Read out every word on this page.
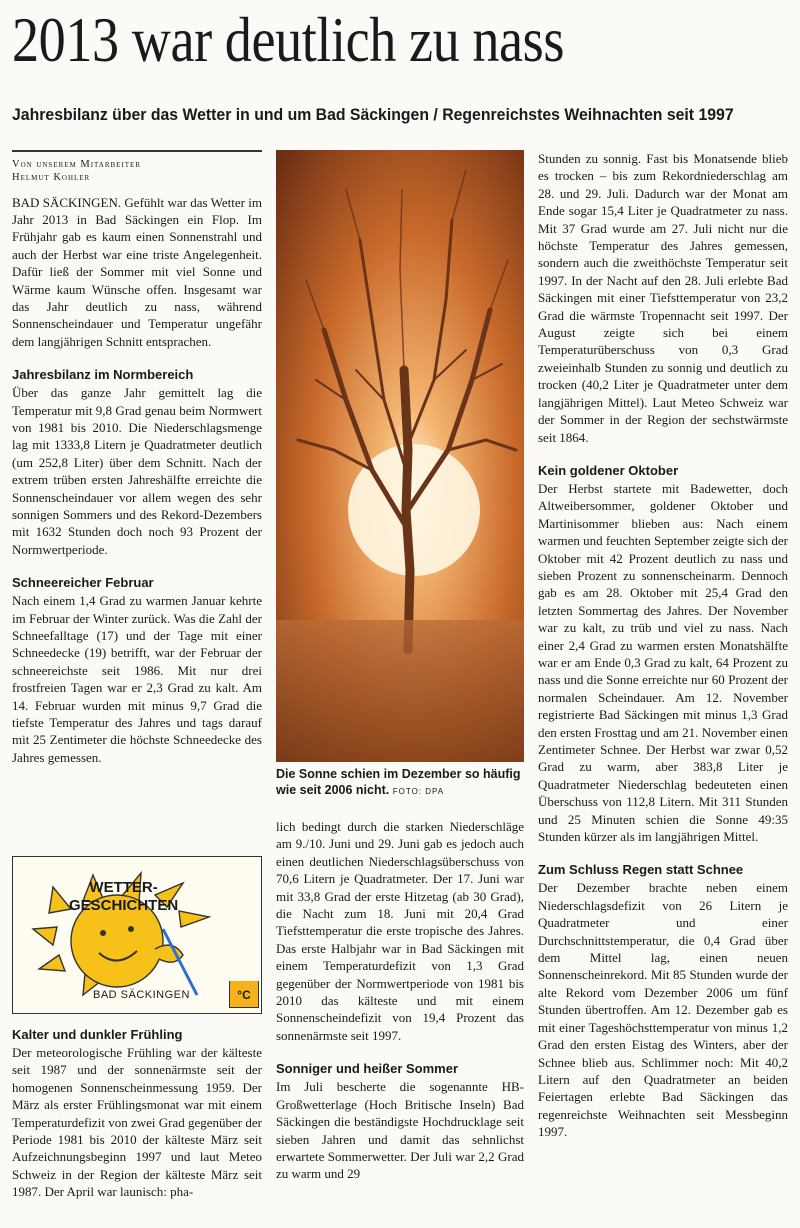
2013 war deutlich zu nass
Jahresbilanz über das Wetter in und um Bad Säckingen / Regenreichstes Weihnachten seit 1997
Von unserem Mitarbeiter
Helmut Kohler

BAD SÄCKINGEN. Gefühlt war das Wetter im Jahr 2013 in Bad Säckingen ein Flop. Im Frühjahr gab es kaum einen Sonnenstrahl und auch der Herbst war eine triste Angelegenheit. Dafür ließ der Sommer mit viel Sonne und Wärme kaum Wünsche offen. Insgesamt war das Jahr deutlich zu nass, während Sonnenscheindauer und Temperatur ungefähr dem langjährigen Schnitt entsprachen.

Jahresbilanz im Normbereich

Über das ganze Jahr gemittelt lag die Temperatur mit 9,8 Grad genau beim Normwert von 1981 bis 2010. Die Niederschlagsmenge lag mit 1333,8 Litern je Quadratmeter deutlich (um 252,8 Liter) über dem Schnitt. Nach der extrem trüben ersten Jahreshälfte erreichte die Sonnenscheindauer vor allem wegen des sehr sonnigen Sommers und des Rekord-Dezembers mit 1632 Stunden doch noch 93 Prozent der Normwertperiode.

Schneereicher Februar

Nach einem 1,4 Grad zu warmen Januar kehrte im Februar der Winter zurück. Was die Zahl der Schneefalltage (17) und der Tage mit einer Schneedecke (19) betrifft, war der Februar der schneereichste seit 1986. Mit nur drei frostfreien Tagen war er 2,3 Grad zu kalt. Am 14. Februar wurden mit minus 9,7 Grad die tiefste Temperatur des Jahres und tags darauf mit 25 Zentimeter die höchste Schneedecke des Jahres gemessen.

WETTER-
GESCHICHTEN
BAD SÄCKINGEN	°C
Kalter und dunkler Frühling

Der meteorologische Frühling war der kälteste seit 1987 und der sonnenärmste seit der homogenen Sonnenscheinmessung 1959. Der März als erster Frühlingsmonat war mit einem Temperaturdefizit von zwei Grad gegenüber der Periode 1981 bis 2010 der kälteste März seit Aufzeichnungsbeginn 1997 und laut Meteo Schweiz in der Region der kälteste März seit 1987. Der April war launisch: pha-

Die Sonne schien im Dezember so häufig wie seit 2006 nicht. FOTO: DPA

lich bedingt durch die starken Niederschläge am 9./10. Juni und 29. Juni gab es jedoch auch einen deutlichen Niederschlagsüberschuss von 70,6 Litern je Quadratmeter. Der 17. Juni war mit 33,8 Grad der erste Hitzetag (ab 30 Grad), die Nacht zum 18. Juni mit 20,4 Grad Tiefsttemperatur die erste tropische des Jahres. Das erste Halbjahr war in Bad Säckingen mit einem Temperaturdefizit von 1,3 Grad gegenüber der Normwertperiode von 1981 bis 2010 das kälteste und mit einem Sonnenscheindefizit von 19,4 Prozent das sonnenärmste seit 1997.

Sonniger und heißer Sommer

Im Juli bescherte die sogenannte HB-Großwetterlage (Hoch Britische Inseln) Bad Säckingen die beständigste Hochdrucklage seit sieben Jahren und damit das sehnlichst erwartete Sommerwetter. Der Juli war 2,2 Grad zu warm und 29

Stunden zu sonnig. Fast bis Monatsende blieb es trocken – bis zum Rekordniederschlag am 28. und 29. Juli. Dadurch war der Monat am Ende sogar 15,4 Liter je Quadratmeter zu nass. Mit 37 Grad wurde am 27. Juli nicht nur die höchste Temperatur des Jahres gemessen, sondern auch die zweithöchste Temperatur seit 1997. In der Nacht auf den 28. Juli erlebte Bad Säckingen mit einer Tiefsttemperatur von 23,2 Grad die wärmste Tropennacht seit 1997. Der August zeigte sich bei einem Temperaturüberschuss von 0,3 Grad zweieinhalb Stunden zu sonnig und deutlich zu trocken (40,2 Liter je Quadratmeter unter dem langjährigen Mittel). Laut Meteo Schweiz war der Sommer in der Region der sechstwärmste seit 1864.

Kein goldener Oktober

Der Herbst startete mit Badewetter, doch Altweibersommer, goldener Oktober und Martinisommer blieben aus: Nach einem warmen und feuchten September zeigte sich der Oktober mit 42 Prozent deutlich zu nass und sieben Prozent zu sonnenscheinarm. Dennoch gab es am 28. Oktober mit 25,4 Grad den letzten Sommertag des Jahres. Der November war zu kalt, zu trüb und viel zu nass. Nach einer 2,4 Grad zu warmen ersten Monatshälfte war er am Ende 0,3 Grad zu kalt, 64 Prozent zu nass und die Sonne erreichte nur 60 Prozent der normalen Scheindauer. Am 12. November registrierte Bad Säckingen mit minus 1,3 Grad den ersten Frosttag und am 21. November einen Zentimeter Schnee. Der Herbst war zwar 0,52 Grad zu warm, aber 383,8 Liter je Quadratmeter Niederschlag bedeuteten einen Überschuss von 112,8 Litern. Mit 311 Stunden und 25 Minuten schien die Sonne 49:35 Stunden kürzer als im langjährigen Mittel.

Zum Schluss Regen statt Schnee

Der Dezember brachte neben einem Niederschlagsdefizit von 26 Litern je Quadratmeter und einer Durchschnittstemperatur, die 0,4 Grad über dem Mittel lag, einen neuen Sonnenscheinrekord. Mit 85 Stunden wurde der alte Rekord vom Dezember 2006 um fünf Stunden übertroffen. Am 12. Dezember gab es mit einer Tageshöchsttemperatur von minus 1,2 Grad den ersten Eistag des Winters, aber der Schnee blieb aus. Schlimmer noch: Mit 40,2 Litern auf den Quadratmeter an beiden Feiertagen erlebte Bad Säckingen das regenreichste Weihnachten seit Messbeginn 1997.
